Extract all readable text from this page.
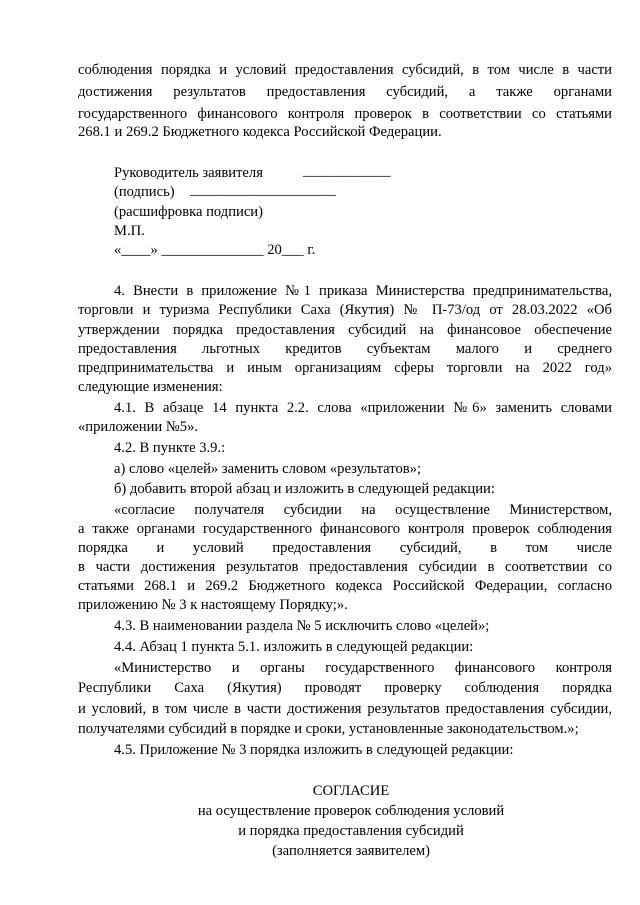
соблюдения порядка и условий предоставления субсидий, в том числе в части
достижения результатов предоставления субсидий, а также органами
государственного финансового контроля проверок в соответствии со статьями
268.1 и 269.2 Бюджетного кодекса Российской Федерации.
Руководитель заявителя	____________
(подпись) ____________________
(расшифровка подписи)
М.П.
«____» ______________ 20___ г.
4. Внести в приложение №1 приказа Министерства предпринимательства,
торговли и туризма Республики Саха (Якутия) № П-73/од от 28.03.2022 «Об
утверждении порядка предоставления субсидий на финансовое обеспечение
предоставления льготных кредитов субъектам малого и среднего
предпринимательства и иным организациям сферы торговли на 2022 год»
следующие изменения:
4.1. В абзаце 14 пункта 2.2. слова «приложении №6» заменить словами
«приложении №5».
4.2. В пункте 3.9.:
а) слово «целей» заменить словом «результатов»;
б) добавить второй абзац и изложить в следующей редакции:
«согласие получателя субсидии на осуществление Министерством,
а также органами государственного финансового контроля проверок соблюдения
порядка и условий предоставления субсидий, в том числе
в части достижения результатов предоставления субсидии в соответствии со
статьями 268.1 и 269.2 Бюджетного кодекса Российской Федерации, согласно
приложению № 3 к настоящему Порядку;».
4.3. В наименовании раздела № 5 исключить слово «целей»;
4.4. Абзац 1 пункта 5.1. изложить в следующей редакции:
«Министерство и органы государственного финансового контроля
Республики Саха (Якутия) проводят проверку соблюдения порядка
и условий, в том числе в части достижения результатов предоставления субсидии,
получателями субсидий в порядке и сроки, установленные законодательством.»;
4.5. Приложение № 3 порядка изложить в следующей редакции:
СОГЛАСИЕ
на осуществление проверок соблюдения условий
и порядка предоставления субсидий
(заполняется заявителем)
